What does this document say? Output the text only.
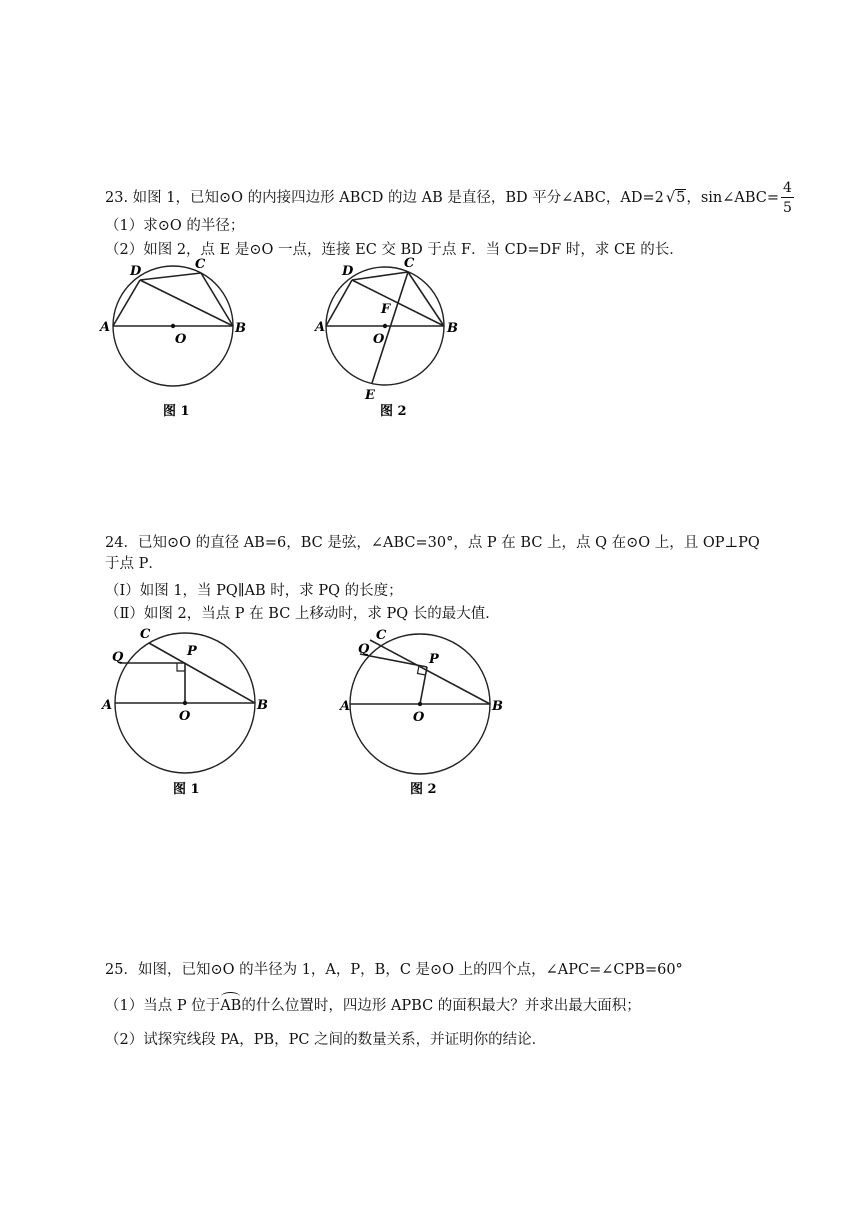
23. 如图 1，已知⊙O 的内接四边形 ABCD 的边 AB 是直径，BD 平分∠ABC，AD=2 √5，sin∠ABC= $\frac{4}{5}$
（1）求⊙O 的半径；
（2）如图 2，点 E 是⊙O 一点，连接 EC 交 BD 于点 F．当 CD=DF 时，求 CE 的长．
A	B
C
D
O
图 1
A	B
C
D
E
F
O
图 2
24．已知⊙O 的直径 AB=6，BC 是弦，∠ABC=30°，点 P 在 BC 上，点 Q 在⊙O 上，且 OP⊥PQ 于点 P．
（Ⅰ）如图 1，当 PQ∥AB 时，求 PQ 的长度；
（Ⅱ）如图 2，当点 P 在 BC 上移动时，求 PQ 长的最大值．
A	B
C
P
Q
O
图 1
A	B
C
P
Q
O
图 2
25．如图，已知⊙O 的半径为 1，A，P，B，C 是⊙O 上的四个点，∠APC=∠CPB=60°
（1）当点 P 位于AB的什么位置时，四边形 APBC 的面积最大？并求出最大面积；
（2）试探究线段 PA，PB，PC 之间的数量关系，并证明你的结论．
